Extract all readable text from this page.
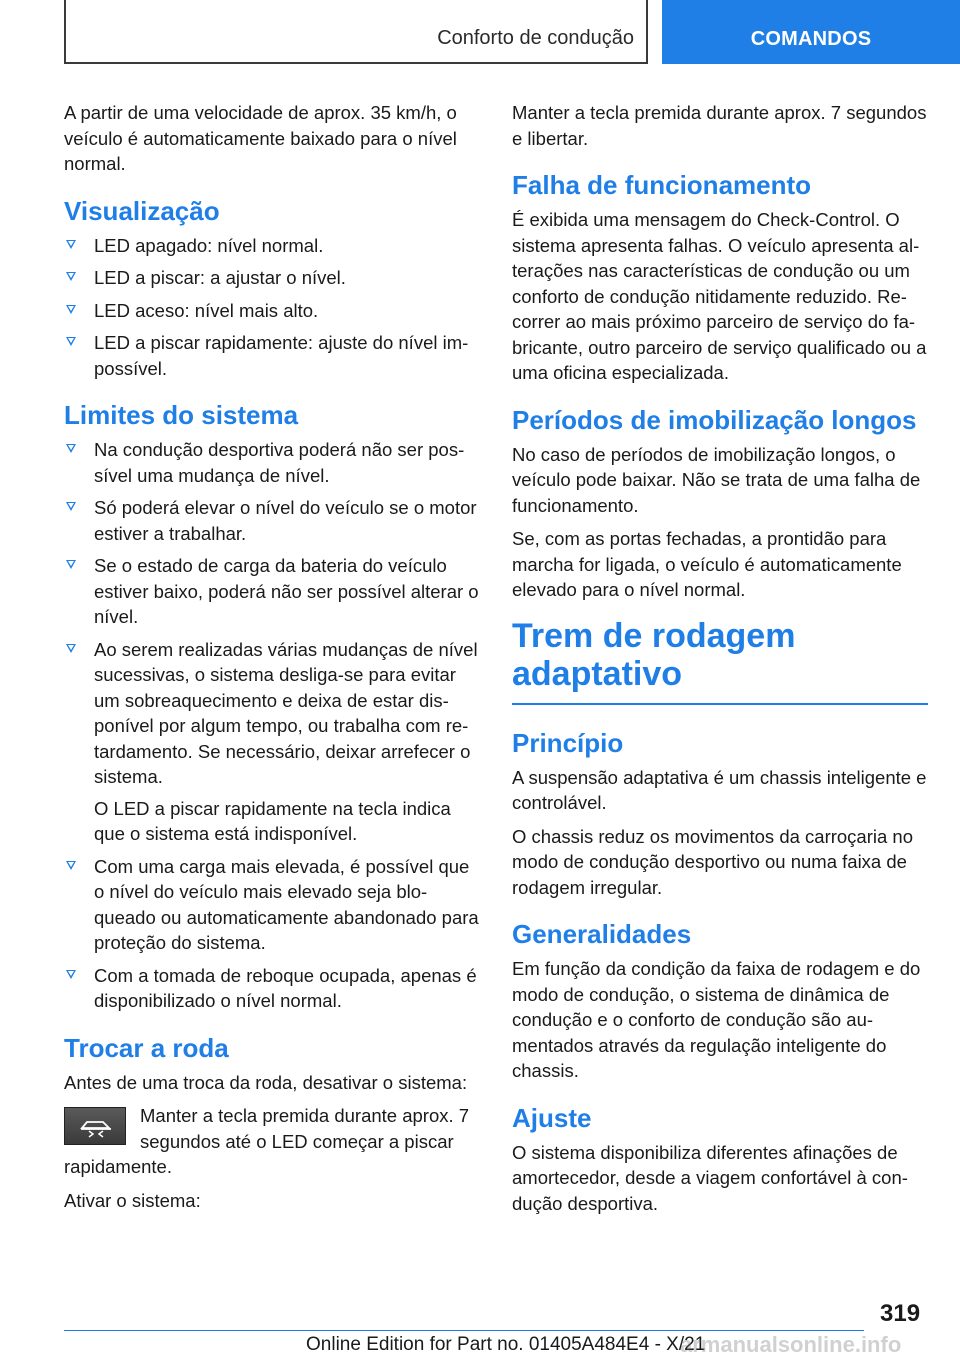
Conforto de condução	COMANDOS

A partir de uma velocidade de aprox. 35 km/h, o veículo é automaticamente baixado para o nível normal.

Visualização
LED apagado: nível normal.
LED a piscar: a ajustar o nível.
LED aceso: nível mais alto.
LED a piscar rapidamente: ajuste do nível impossível.
Limites do sistema
Na condução desportiva poderá não ser possível uma mudança de nível.
Só poderá elevar o nível do veículo se o motor estiver a trabalhar.
Se o estado de carga da bateria do veículo estiver baixo, poderá não ser possível alterar o nível.
Ao serem realizadas várias mudanças de nível sucessivas, o sistema desliga-se para evitar um sobreaquecimento e deixa de estar disponível por algum tempo, ou trabalha com retardamento. Se necessário, deixar arrefecer o sistema.
O LED a piscar rapidamente na tecla indica que o sistema está indisponível.
Com uma carga mais elevada, é possível que o nível do veículo mais elevado seja bloqueado ou automaticamente abandonado para proteção do sistema.
Com a tomada de reboque ocupada, apenas é disponibilizado o nível normal.
Trocar a roda

Antes de uma troca da roda, desativar o sistema:

Manter a tecla premida durante aprox. 7 segundos até o LED começar a piscar rapidamente.

Ativar o sistema:

Manter a tecla premida durante aprox. 7 segundos e libertar.

Falha de funcionamento

É exibida uma mensagem do Check-Control. O sistema apresenta falhas. O veículo apresenta alterações nas características de condução ou um conforto de condução nitidamente reduzido. Recorrer ao mais próximo parceiro de serviço do fabricante, outro parceiro de serviço qualificado ou a uma oficina especializada.

Períodos de imobilização longos

No caso de períodos de imobilização longos, o veículo pode baixar. Não se trata de uma falha de funcionamento.

Se, com as portas fechadas, a prontidão para marcha for ligada, o veículo é automaticamente elevado para o nível normal.

Trem de rodagem adaptativo
Princípio

A suspensão adaptativa é um chassis inteligente e controlável.

O chassis reduz os movimentos da carroçaria no modo de condução desportivo ou numa faixa de rodagem irregular.

Generalidades

Em função da condição da faixa de rodagem e do modo de condução, o sistema de dinâmica de condução e o conforto de condução são aumentados através da regulação inteligente do chassis.

Ajuste

O sistema disponibiliza diferentes afinações de amortecedor, desde a viagem confortável à condução desportiva.

319
Online Edition for Part no. 01405A484E4 - X/21
armanualsonline.info
